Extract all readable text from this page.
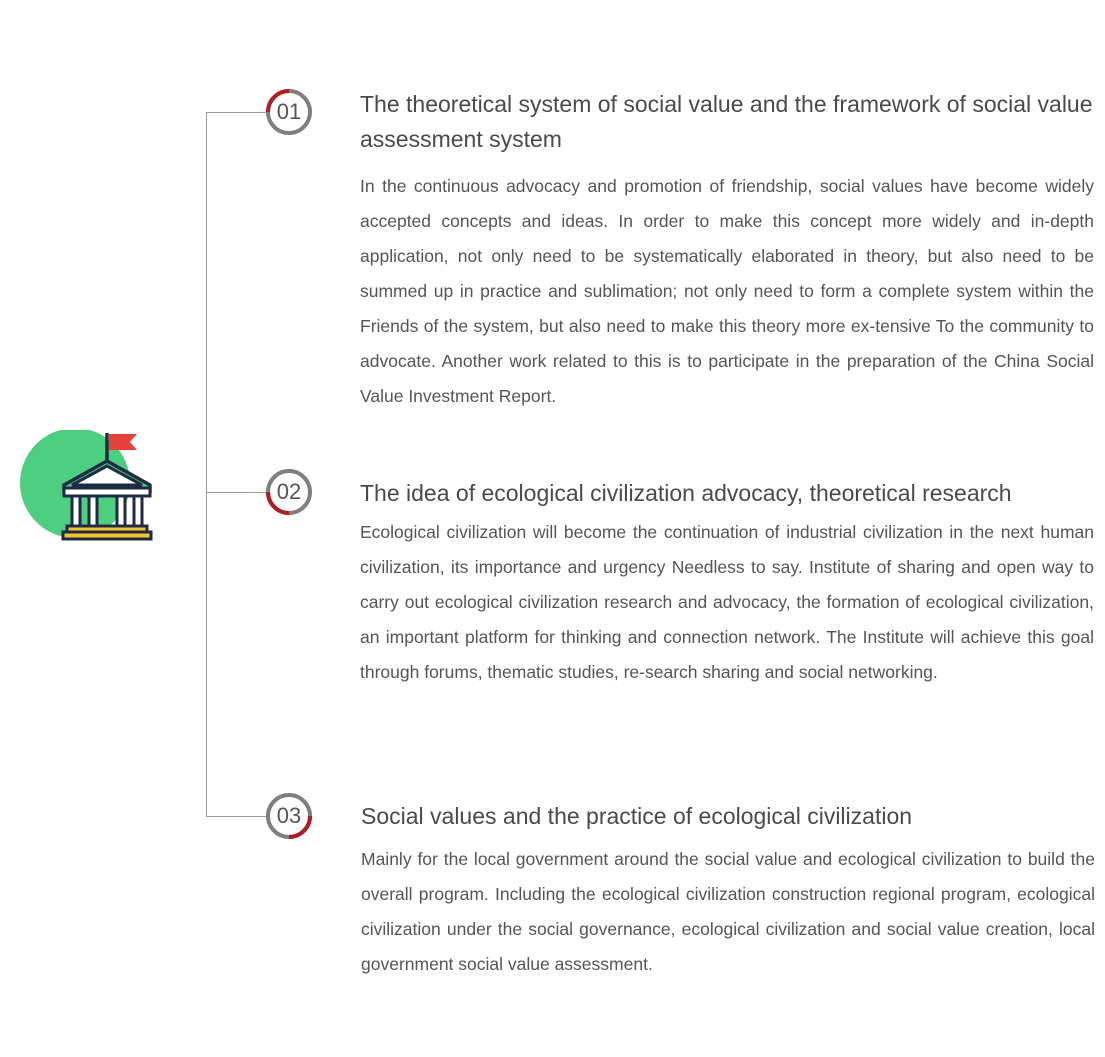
01
02
03
The theoretical system of social value and the framework of social value assessment system

In the continuous advocacy and promotion of friendship, social values have become widely accepted concepts and ideas. In order to make this concept more widely and in-depth application, not only need to be systematically elaborated in theory, but also need to be summed up in practice and sublimation; not only need to form a complete system within the Friends of the system, but also need to make this theory more ex-tensive To the community to advocate. Another work related to this is to participate in the preparation of the China Social Value Investment Report.

The idea of ecological civilization advocacy, theoretical research

Ecological civilization will become the continuation of industrial civilization in the next human civilization, its importance and urgency Needless to say. Institute of sharing and open way to carry out ecological civilization research and advocacy, the formation of ecological civilization, an important platform for thinking and connection network. The Institute will achieve this goal through forums, thematic studies, re-search sharing and social networking.

Social values and the practice of ecological civilization

Mainly for the local government around the social value and ecological civilization to build the overall program. Including the ecological civilization construction regional program, ecological civilization under the social governance, ecological civilization and social value creation, local government social value assessment.
